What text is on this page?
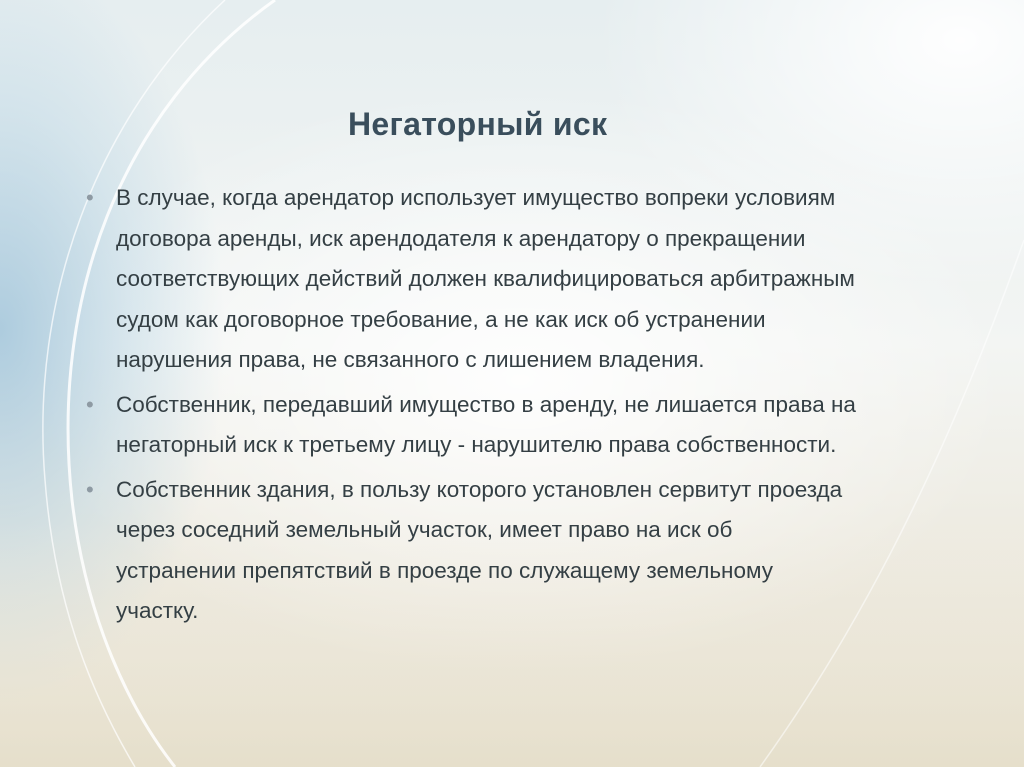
Негаторный иск
• В случае, когда арендатор использует имущество вопреки условиям
договора аренды, иск арендодателя к арендатору о прекращении
соответствующих действий должен квалифицироваться арбитражным
судом как договорное требование, а не как иск об устранении
нарушения права, не связанного с лишением владения.
• Собственник, передавший имущество в аренду, не лишается права на
негаторный иск к третьему лицу - нарушителю права собственности.
• Собственник здания, в пользу которого установлен сервитут проезда
через соседний земельный участок, имеет право на иск об
устранении препятствий в проезде по служащему земельному
участку.
